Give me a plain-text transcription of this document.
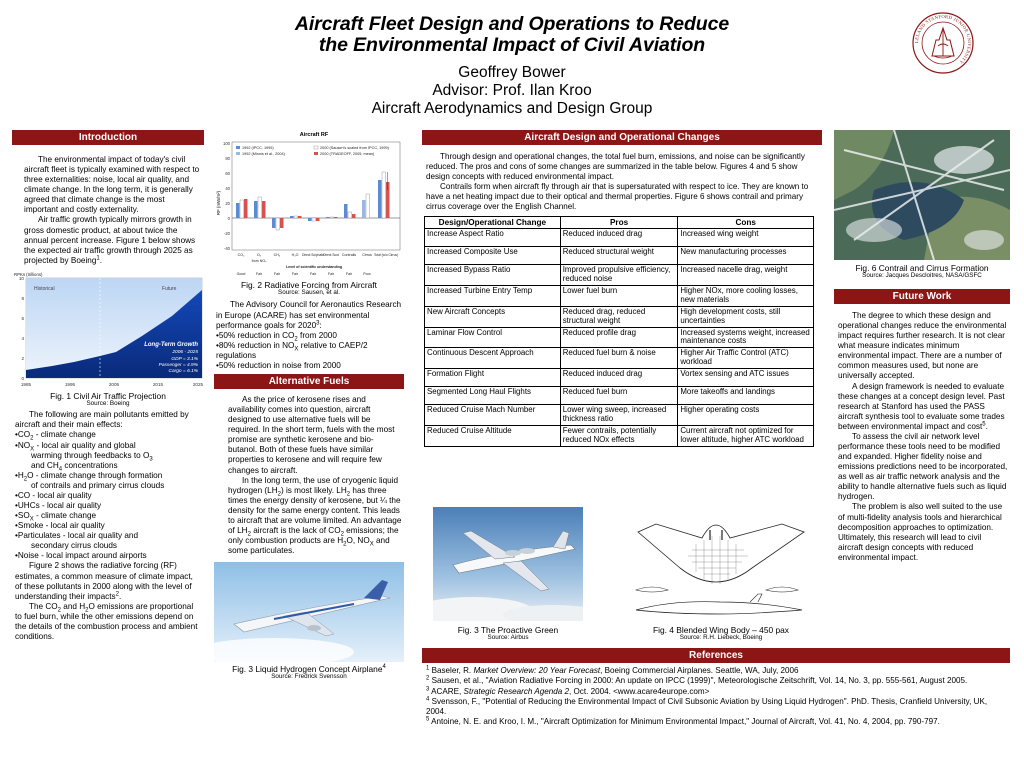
Aircraft Fleet Design and Operations to Reduce
the Environmental Impact of Civil Aviation
Geoffrey Bower
Advisor: Prof. Ilan Kroo
Aircraft Aerodynamics and Design Group
LELAND STANFORD JUNIOR UNIVERSITY
Introduction

The environmental impact of today's civil aircraft fleet is typically examined with respect to three externalities: noise, local air quality, and climate change. In the long term, it is generally agreed that climate change is the most important and costly externality.

Air traffic growth typically mirrors growth in gross domestic product, at about twice the annual percent increase. Figure 1 below shows the expected air traffic growth through 2025 as projected by Boeing$^1$.

RPKs (trillions)
10
8
6
4
2
0
1985	1995	2005	2015	2025
Historical	Future
Long-Term Growth
2006 - 2025
GDP = 3.1%
Passenger = 4.9%
Cargo = 6.1%
Fig. 1 Civil Air Traffic Projection
Source: Boeing

The following are main pollutants emitted by aircraft and their main effects:

$•CO_2$ - climate change
$•NO_X$ - local air quality and global
warming through feedbacks to $O_3$
and $CH_4$ concentrations
$•H_2O$ - climate change through formation
of contrails and primary cirrus clouds
•CO - local air quality
•UHCs - local air quality
$•SO_X$ - climate change
•Smoke - local air quality
•Particulates - local air quality and
secondary cirrus clouds
•Noise - local impact around airports

Figure 2 shows the radiative forcing (RF) estimates, a common measure of climate impact, of these pollutants in 2000 along with the level of understanding their impacts$^2$.

The $CO_2$ and $H_2O$ emissions are proportional to fuel burn, while the other emissions depend on the details of the combustion process and ambient conditions.

Aircraft RF
RF (mW/m²)
100
80
60
40
20
0
-20
-40
1992 (IPCC, 1999)
1992 (Minnis et al., 2004)
2000 (Sausen's scaled from IPCC, 1999)
2000 (TRADEOFF, 2005; mean)
CO₂	O₃	CH₄	H₂O Direct Sulphate Direct Soot Contrails Cirrus Total (w/o Cirrus)
from NOₓ
Level of scientific understanding
Good	Fair	Fair	Fair	Fair	Fair	Fair	Poor
Fig. 2 Radiative Forcing from Aircraft
Source: Sausen, et al.

The Advisory Council for Aeronautics Research in Europe (ACARE) has set environmental performance goals for 2020$^3$:

•50% reduction in $CO_2$ from 2000
•80% reduction in $NO_X$ relative to CAEP/2 regulations
•50% reduction in noise from 2000
Alternative Fuels

As the price of kerosene rises and availability comes into question, aircraft designed to use alternative fuels will be required. In the short term, fuels with the most promise are synthetic kerosene and bio-butanol. Both of these fuels have similar properties to kerosene and will require few changes to aircraft.

In the long term, the use of cryogenic liquid hydrogen $(LH_2)$ is most likely. $LH_2$ has three times the energy density of kerosene, but ¼ the density for the same energy content. This leads to aircraft that are volume limited. An advantage of $LH_2$ aircraft is the lack of $CO_2$ emissions; the only combustion products are $H_2O$, $NO_X$ and some particulates.

Fig. 3 Liquid Hydrogen Concept Airplane$^4$
Source: Fredrick Svensson
Aircraft Design and Operational Changes

Through design and operational changes, the total fuel burn, emissions, and noise can be significantly reduced. The pros and cons of some changes are summarized in the table below. Figures 4 and 5 show design concepts with reduced environmental impact.

Contrails form when aircraft fly through air that is supersaturated with respect to ice. They are known to have a net heating impact due to their optical and thermal properties. Figure 6 shows contrail and primary cirrus coverage over the English Channel.

Design/Operational Change	Pros	Cons
Increase Aspect Ratio	Reduced induced drag	Increased wing weight
Increased Composite Use	Reduced structural weight	New manufacturing processes
Increased Bypass Ratio	Improved propulsive efficiency, reduced noise	Increased nacelle drag, weight
Increased Turbine Entry Temp	Lower fuel burn	Higher NOx, more cooling losses, new materials
New Aircraft Concepts	Reduced drag, reduced structural weight	High development costs, still uncertainties
Laminar Flow Control	Reduced profile drag	Increased systems weight, increased maintenance costs
Continuous Descent Approach	Reduced fuel burn & noise	Higher Air Traffic Control (ATC) workload
Formation Flight	Reduced induced drag	Vortex sensing and ATC issues
Segmented Long Haul Flights	Reduced fuel burn	More takeoffs and landings
Reduced Cruise Mach Number	Lower wing sweep, increased thickness ratio	Higher operating costs
Reduced Cruise Altitude	Fewer contrails, potentially reduced NOx effects	Current aircraft not optimized for lower altitude, higher ATC workload
Fig. 3 The Proactive Green
Source: Airbus
Fig. 4 Blended Wing Body – 450 pax
Source: R.H. Liebeck, Boeing
References
$^1$ Baseler, R. Market Overview: 20 Year Forecast, Boeing Commercial Airplanes. Seattle, WA, July, 2006
$^2$ Sausen, et al., "Aviation Radiative Forcing in 2000: An update on IPCC (1999)", Meteorologische Zeitschrift, Vol. 14, No. 3, pp. 555-561, August 2005.
$^3$ ACARE, Strategic Research Agenda 2, Oct. 2004. <www.acare4europe.com>
$^4$ Svensson, F., "Potential of Reducing the Environmental Impact of Civil Subsonic Aviation by Using Liquid Hydrogen". PhD. Thesis, Cranfield University, UK, 2004.
$^5$ Antoine, N. E. and Kroo, I. M., "Aircraft Optimization for Minimum Environmental Impact," Journal of Aircraft, Vol. 41, No. 4, 2004, pp. 790-797.
Fig. 6 Contrail and Cirrus Formation
Source: Jacques Descloitres, NASA/GSFC
Future Work

The degree to which these design and operational changes reduce the environmental impact requires further research. It is not clear what measure indicates minimum environmental impact. There are a number of common measures used, but none are universally accepted.

A design framework is needed to evaluate these changes at a concept design level. Past research at Stanford has used the PASS aircraft synthesis tool to evaluate some trades between environmental impact and cost$^5$.

To assess the civil air network level performance these tools need to be modified and expanded. Higher fidelity noise and emissions predictions need to be incorporated, as well as air traffic network analysis and the ability to handle alternative fuels such as liquid hydrogen.

The problem is also well suited to the use of multi-fidelity analysis tools and hierarchical decomposition approaches to optimization. Ultimately, this research will lead to civil aircraft design concepts with reduced environmental impact.
